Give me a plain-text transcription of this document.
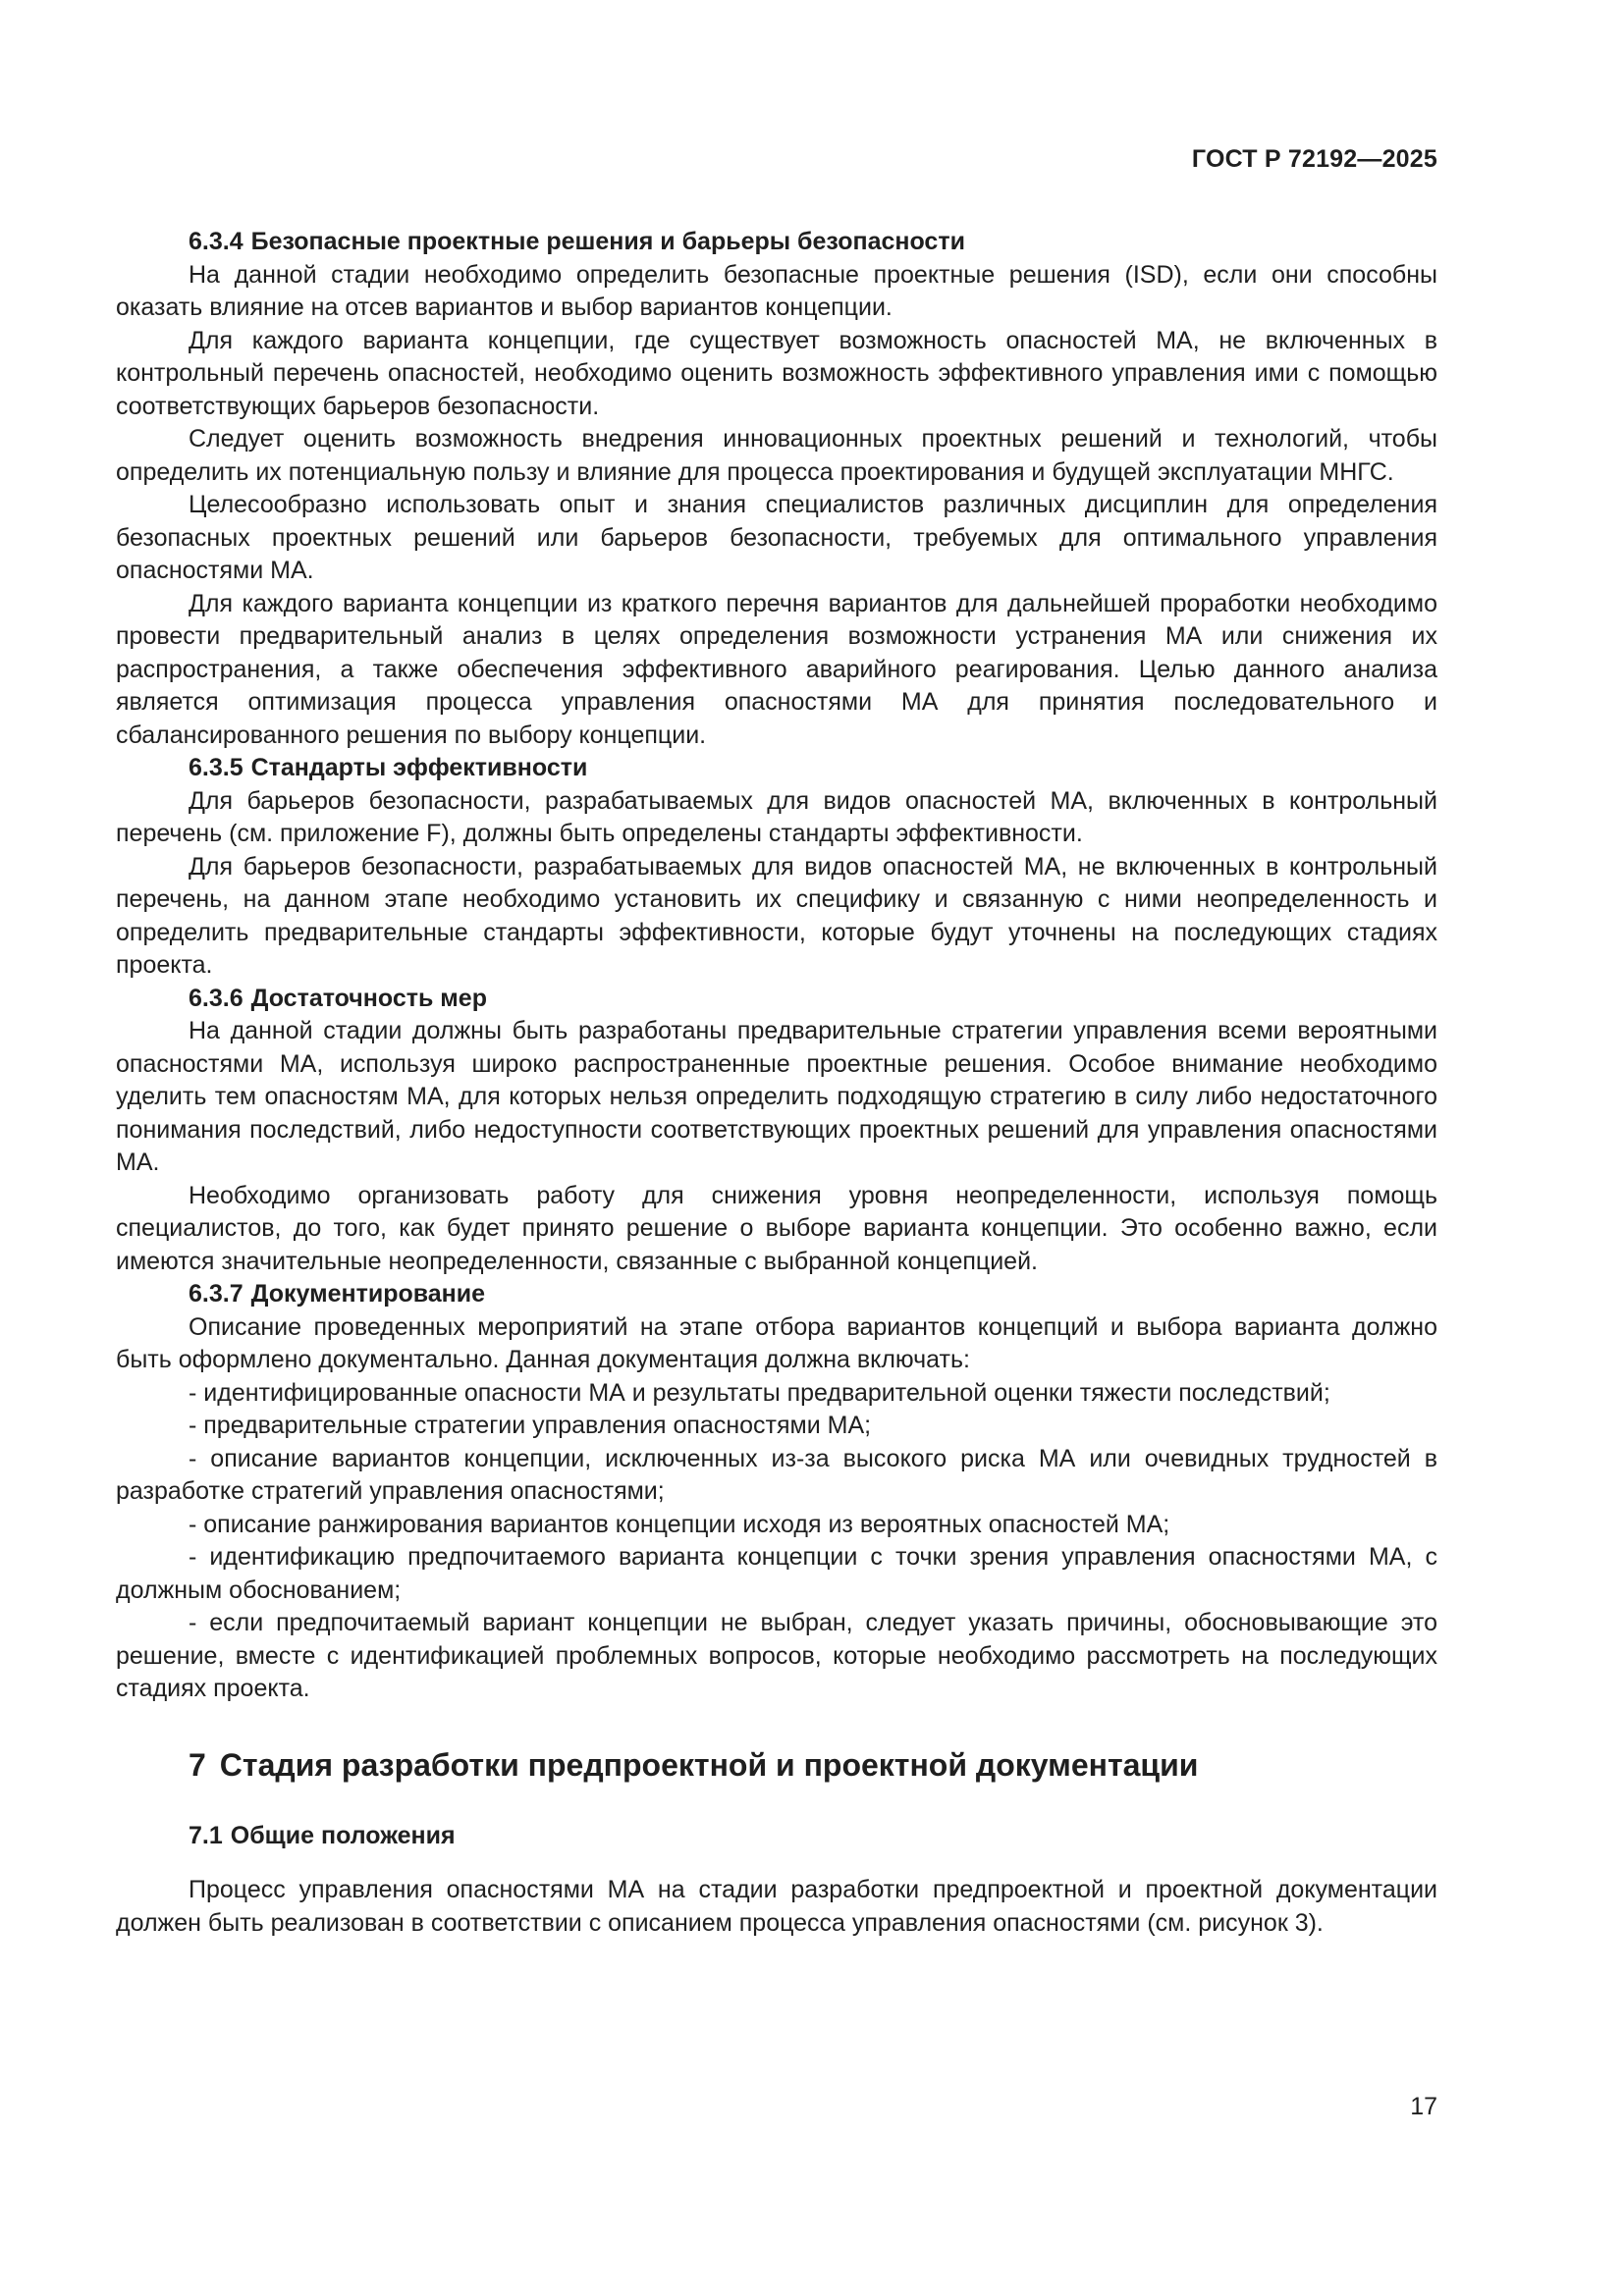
ГОСТ Р 72192—2025
6.3.4 Безопасные проектные решения и барьеры безопасности

На данной стадии необходимо определить безопасные проектные решения (ISD), если они способны оказать влияние на отсев вариантов и выбор вариантов концепции.

Для каждого варианта концепции, где существует возможность опасностей МА, не включенных в контрольный перечень опасностей, необходимо оценить возможность эффективного управления ими с помощью соответствующих барьеров безопасности.

Следует оценить возможность внедрения инновационных проектных решений и технологий, чтобы определить их потенциальную пользу и влияние для процесса проектирования и будущей эксплуатации МНГС.

Целесообразно использовать опыт и знания специалистов различных дисциплин для определения безопасных проектных решений или барьеров безопасности, требуемых для оптимального управления опасностями МА.

Для каждого варианта концепции из краткого перечня вариантов для дальнейшей проработки необходимо провести предварительный анализ в целях определения возможности устранения МА или снижения их распространения, а также обеспечения эффективного аварийного реагирования. Целью данного анализа является оптимизация процесса управления опасностями МА для принятия последовательного и сбалансированного решения по выбору концепции.

6.3.5 Стандарты эффективности

Для барьеров безопасности, разрабатываемых для видов опасностей МА, включенных в контрольный перечень (см. приложение F), должны быть определены стандарты эффективности.

Для барьеров безопасности, разрабатываемых для видов опасностей МА, не включенных в контрольный перечень, на данном этапе необходимо установить их специфику и связанную с ними неопределенность и определить предварительные стандарты эффективности, которые будут уточнены на последующих стадиях проекта.

6.3.6 Достаточность мер

На данной стадии должны быть разработаны предварительные стратегии управления всеми вероятными опасностями МА, используя широко распространенные проектные решения. Особое внимание необходимо уделить тем опасностям МА, для которых нельзя определить подходящую стратегию в силу либо недостаточного понимания последствий, либо недоступности соответствующих проектных решений для управления опасностями МА.

Необходимо организовать работу для снижения уровня неопределенности, используя помощь специалистов, до того, как будет принято решение о выборе варианта концепции. Это особенно важно, если имеются значительные неопределенности, связанные с выбранной концепцией.

6.3.7 Документирование

Описание проведенных мероприятий на этапе отбора вариантов концепций и выбора варианта должно быть оформлено документально. Данная документация должна включать:

- идентифицированные опасности МА и результаты предварительной оценки тяжести последствий;

- предварительные стратегии управления опасностями МА;

- описание вариантов концепции, исключенных из-за высокого риска МА или очевидных трудностей в разработке стратегий управления опасностями;

- описание ранжирования вариантов концепции исходя из вероятных опасностей МА;

- идентификацию предпочитаемого варианта концепции с точки зрения управления опасностями МА, с должным обоснованием;

- если предпочитаемый вариант концепции не выбран, следует указать причины, обосновывающие это решение, вместе с идентификацией проблемных вопросов, которые необходимо рассмотреть на последующих стадиях проекта.

7 Стадия разработки предпроектной и проектной документации
7.1 Общие положения

Процесс управления опасностями МА на стадии разработки предпроектной и проектной документации должен быть реализован в соответствии с описанием процесса управления опасностями (см. рисунок 3).

17
